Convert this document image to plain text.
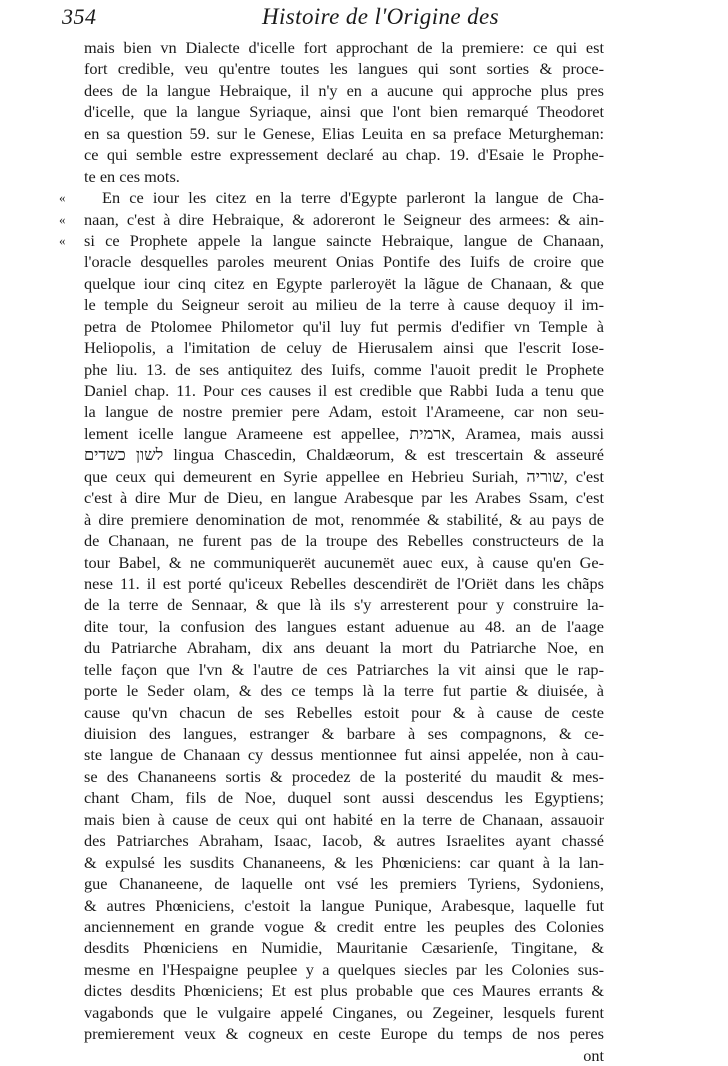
354	Histoire de l'Origine des
mais bien vn Dialecte d'icelle fort approchant de la premiere: ce qui est
fort credible, veu qu'entre toutes les langues qui sont sorties & proce-
dees de la langue Hebraique, il n'y en a aucune qui approche plus pres
d'icelle, que la langue Syriaque, ainsi que l'ont bien remarqué Theodoret
en sa question 59. sur le Genese, Elias Leuita en sa preface Meturgheman:
ce qui semble estre expressement declaré au chap. 19. d'Esaie le Prophe-
te en ces mots.
« En ce iour les citez en la terre d'Egypte parleront la langue de Cha-
« naan, c'est à dire Hebraique, & adoreront le Seigneur des armees: & ain-
« si ce Prophete appele la langue saincte Hebraique, langue de Chanaan,
l'oracle desquelles paroles meurent Onias Pontife des Iuifs de croire que
quelque iour cinq citez en Egypte parleroyët la lãgue de Chanaan, & que
le temple du Seigneur seroit au milieu de la terre à cause dequoy il im-
petra de Ptolomee Philometor qu'il luy fut permis d'edifier vn Temple à
Heliopolis, a l'imitation de celuy de Hierusalem ainsi que l'escrit Iose-
phe liu. 13. de ses antiquitez des Iuifs, comme l'auoit predit le Prophete
Daniel chap. 11. Pour ces causes il est credible que Rabbi Iuda a tenu que
la langue de nostre premier pere Adam, estoit l'Arameene, car non seu-
lement icelle langue Arameene est appellee, ארמית, Aramea, mais aussi
לשון כשדים lingua Chascedin, Chaldæorum, & est trescertain & asseuré
que ceux qui demeurent en Syrie appellee en Hebrieu Suriah, שוריה, c'est
c'est à dire Mur de Dieu, en langue Arabesque par les Arabes Ssam, c'est
à dire premiere denomination de mot, renommée & stabilité, & au pays de
de Chanaan, ne furent pas de la troupe des Rebelles constructeurs de la
tour Babel, & ne communiquerët aucunemët auec eux, à cause qu'en Ge-
nese 11. il est porté qu'iceux Rebelles descendirët de l'Oriët dans les chãps
de la terre de Sennaar, & que là ils s'y arresterent pour y construire la-
dite tour, la confusion des langues estant aduenue au 48. an de l'aage
du Patriarche Abraham, dix ans deuant la mort du Patriarche Noe, en
telle façon que l'vn & l'autre de ces Patriarches la vit ainsi que le rap-
porte le Seder olam, & des ce temps là la terre fut partie & diuisée, à
cause qu'vn chacun de ses Rebelles estoit pour & à cause de ceste
diuision des langues, estranger & barbare à ses compagnons, & ce-
ste langue de Chanaan cy dessus mentionnee fut ainsi appelée, non à cau-
se des Chananeens sortis & procedez de la posterité du maudit & mes-
chant Cham, fils de Noe, duquel sont aussi descendus les Egyptiens;
mais bien à cause de ceux qui ont habité en la terre de Chanaan, assauoir
des Patriarches Abraham, Isaac, Iacob, & autres Israelites ayant chassé
& expulsé les susdits Chananeens, & les Phœniciens: car quant à la lan-
gue Chananeene, de laquelle ont vsé les premiers Tyriens, Sydoniens,
& autres Phœniciens, c'estoit la langue Punique, Arabesque, laquelle fut
anciennement en grande vogue & credit entre les peuples des Colonies
desdits Phœniciens en Numidie, Mauritanie Cæsarienſe, Tingitane, &
mesme en l'Hespaigne peuplee y a quelques siecles par les Colonies sus-
dictes desdits Phœniciens; Et est plus probable que ces Maures errants &
vagabonds que le vulgaire appelé Cinganes, ou Zegeiner, lesquels furent
premierement veux & cogneux en ceste Europe du temps de nos peres
ont
